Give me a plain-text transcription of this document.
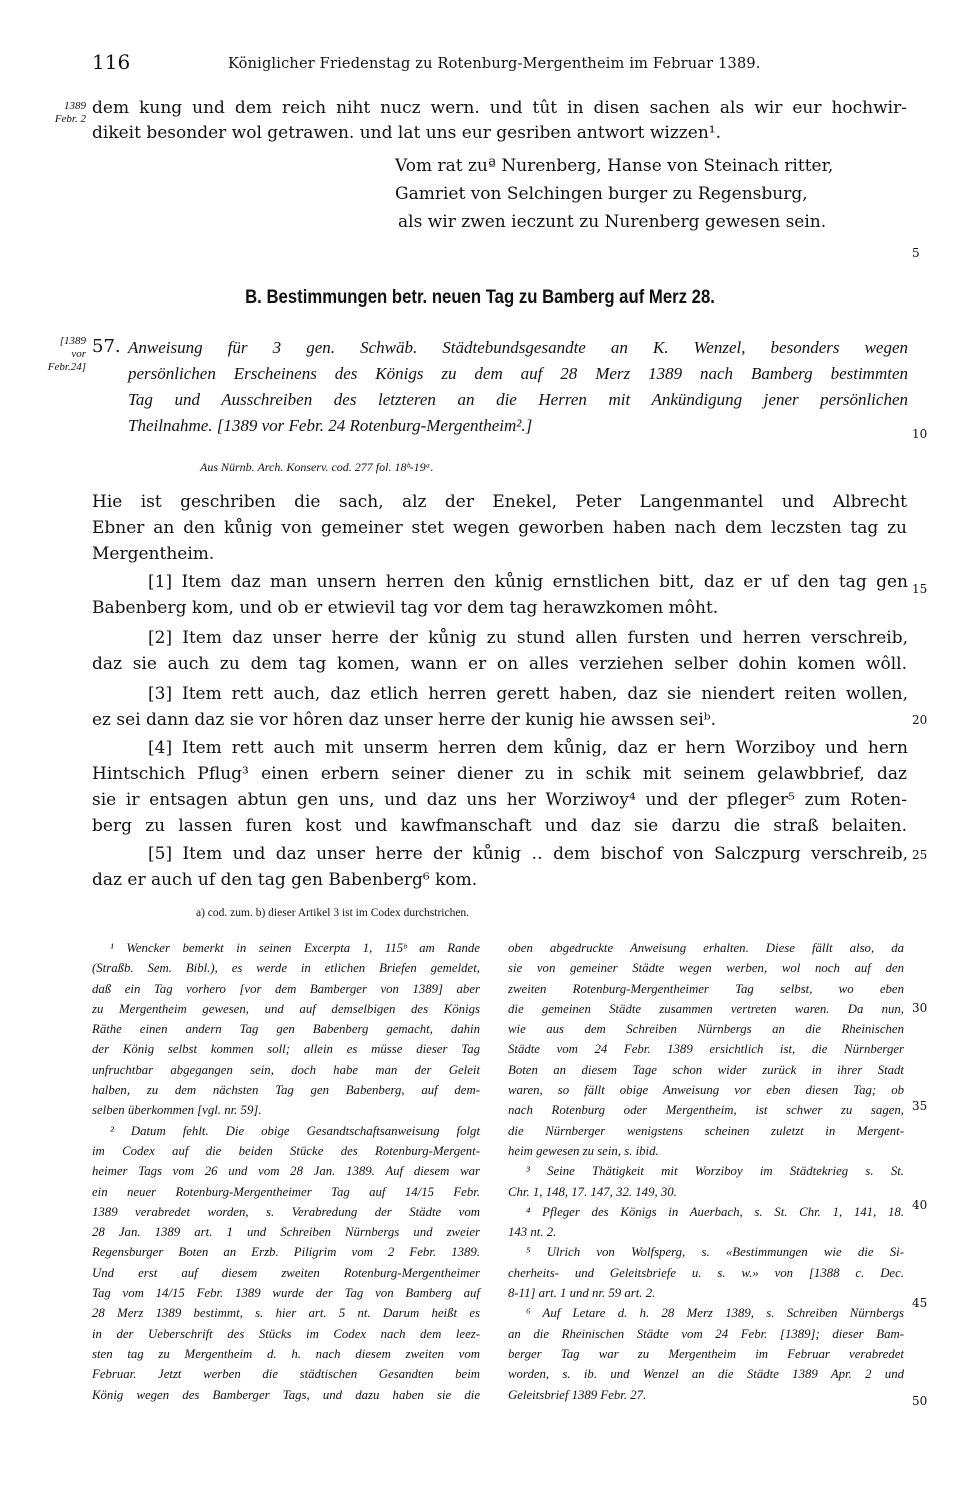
116	Königlicher Friedenstag zu Rotenburg-Mergentheim im Februar 1389.
1389
Febr. 2
[1389
vor
Febr.24]
5
10
15
20
25
30
35
40
45
50
dem kung und dem reich niht nucz wern. und tût in disen sachen als wir eur hochwir-
dikeit besonder wol getrawen. und lat uns eur gesriben antwort wizzen¹.
Vom rat zuª Nurenberg, Hanse von Steinach ritter,
Gamriet von Selchingen burger zu Regensburg,
als wir zwen ieczunt zu Nurenberg gewesen sein.
B. Bestimmungen betr. neuen Tag zu Bamberg auf Merz 28.
57. Anweisung für 3 gen. Schwäb. Städtebundsgesandte an K. Wenzel, besonders wegen
persönlichen Erscheinens des Königs zu dem auf 28 Merz 1389 nach Bamberg bestimmten
Tag und Ausschreiben des letzteren an die Herren mit Ankündigung jener persönlichen
Theilnahme. [1389 vor Febr. 24 Rotenburg-Mergentheim².]
Aus Nürnb. Arch. Konserv. cod. 277 fol. 18ᵇ-19ᵃ.
Hie ist geschriben die sach, alz der Enekel, Peter Langenmantel und Albrecht
Ebner an den kůnig von gemeiner stet wegen geworben haben nach dem leczsten tag zu
Mergentheim.
[1] Item daz man unsern herren den kůnig ernstlichen bitt, daz er uf den tag gen
Babenberg kom, und ob er etwievil tag vor dem tag herawzkomen môht.
[2] Item daz unser herre der kůnig zu stund allen fursten und herren verschreib,
daz sie auch zu dem tag komen, wann er on alles verziehen selber dohin komen wôll.
[3] Item rett auch, daz etlich herren gerett haben, daz sie niendert reiten wollen,
ez sei dann daz sie vor hôren daz unser herre der kunig hie awssen seiᵇ.
[4] Item rett auch mit unserm herren dem kůnig, daz er hern Worziboy und hern
Hintschich Pflug³ einen erbern seiner diener zu in schik mit seinem gelawbbrief, daz
sie ir entsagen abtun gen uns, und daz uns her Worziwoy⁴ und der pfleger⁵ zum Roten-
berg zu lassen furen kost und kawfmanschaft und daz sie darzu die straß belaiten.
[5] Item und daz unser herre der kůnig ‥ dem bischof von Salczpurg verschreib,
daz er auch uf den tag gen Babenberg⁶ kom.
a) cod. zum. b) dieser Artikel 3 ist im Codex durchstrichen.

¹ Wencker bemerkt in seinen Excerpta 1, 115ᵇ am Rande

(Straßb. Sem. Bibl.), es werde in etlichen Briefen gemeldet,

daß ein Tag vorhero [vor dem Bamberger von 1389] aber

zu Mergentheim gewesen, und auf demselbigen des Königs

Räthe einen andern Tag gen Babenberg gemacht, dahin

der König selbst kommen soll; allein es müsse dieser Tag

unfruchtbar abgegangen sein, doch habe man der Geleit

halben, zu dem nächsten Tag gen Babenberg, auf dem-

selben überkommen [vgl. nr. 59].

² Datum fehlt. Die obige Gesandtschaftsanweisung folgt

im Codex auf die beiden Stücke des Rotenburg-Mergent-

heimer Tags vom 26 und vom 28 Jan. 1389. Auf diesem war

ein neuer Rotenburg-Mergentheimer Tag auf 14/15 Febr.

1389 verabredet worden, s. Verabredung der Städte vom

28 Jan. 1389 art. 1 und Schreiben Nürnbergs und zweier

Regensburger Boten an Erzb. Piligrim vom 2 Febr. 1389.

Und erst auf diesem zweiten Rotenburg-Mergentheimer

Tag vom 14/15 Febr. 1389 wurde der Tag von Bamberg auf

28 Merz 1389 bestimmt, s. hier art. 5 nt. Darum heißt es

in der Ueberschrift des Stücks im Codex nach dem leez-

sten tag zu Mergentheim d. h. nach diesem zweiten vom

Februar. Jetzt werben die städtischen Gesandten beim

König wegen des Bamberger Tags, und dazu haben sie die

oben abgedruckte Anweisung erhalten. Diese fällt also, da

sie von gemeiner Städte wegen werben, wol noch auf den

zweiten Rotenburg-Mergentheimer Tag selbst, wo eben

die gemeinen Städte zusammen vertreten waren. Da nun,

wie aus dem Schreiben Nürnbergs an die Rheinischen

Städte vom 24 Febr. 1389 ersichtlich ist, die Nürnberger

Boten an diesem Tage schon wider zurück in ihrer Stadt

waren, so fällt obige Anweisung vor eben diesen Tag; ob

nach Rotenburg oder Mergentheim, ist schwer zu sagen,

die Nürnberger wenigstens scheinen zuletzt in Mergent-

heim gewesen zu sein, s. ibid.

³ Seine Thätigkeit mit Worziboy im Städtekrieg s. St.

Chr. 1, 148, 17. 147, 32. 149, 30.

⁴ Pfleger des Königs in Auerbach, s. St. Chr. 1, 141, 18.

143 nt. 2.

⁵ Ulrich von Wolfsperg, s. «Bestimmungen wie die Si-

cherheits- und Geleitsbriefe u. s. w.» von [1388 c. Dec.

8-11] art. 1 und nr. 59 art. 2.

⁶ Auf Letare d. h. 28 Merz 1389, s. Schreiben Nürnbergs

an die Rheinischen Städte vom 24 Febr. [1389]; dieser Bam-

berger Tag war zu Mergentheim im Februar verabredet

worden, s. ib. und Wenzel an die Städte 1389 Apr. 2 und

Geleitsbrief 1389 Febr. 27.
